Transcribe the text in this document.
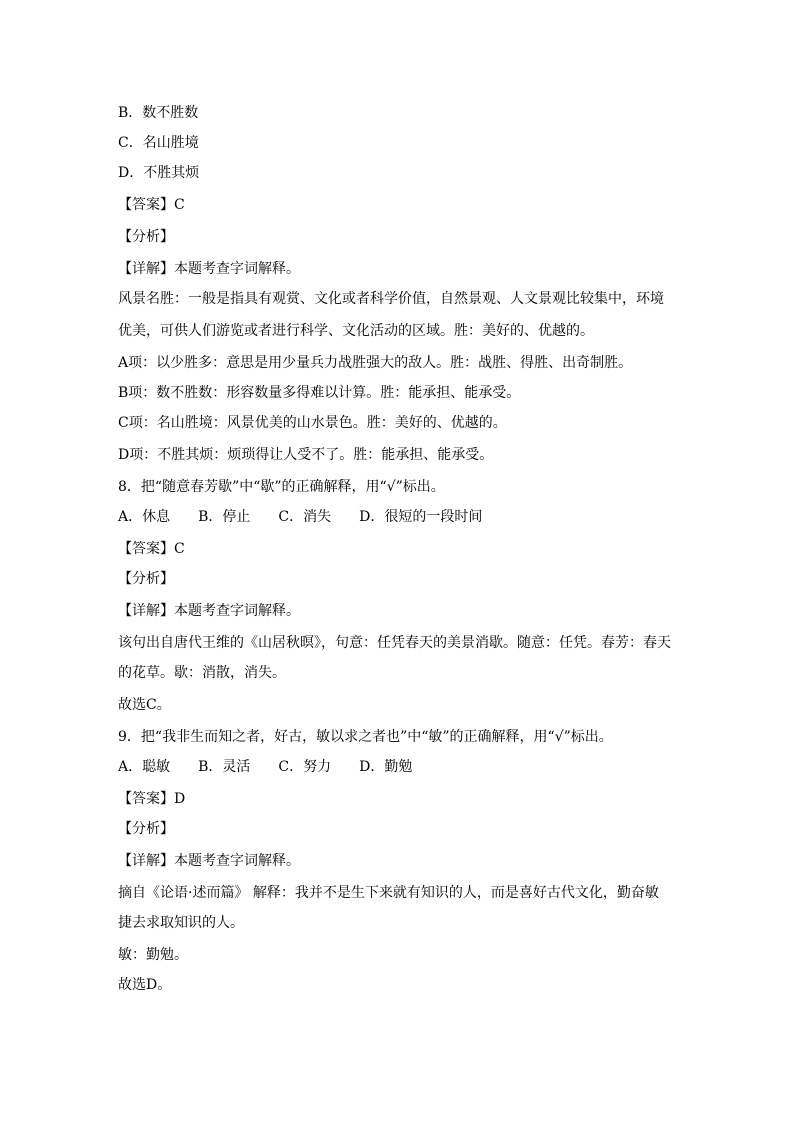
B．数不胜数
C．名山胜境
D．不胜其烦
【答案】C
【分析】
【详解】本题考查字词解释。
风景名胜：一般是指具有观赏、文化或者科学价值，自然景观、人文景观比较集中，环境
优美，可供人们游览或者进行科学、文化活动的区域。胜：美好的、优越的。
A项：以少胜多：意思是用少量兵力战胜强大的敌人。胜：战胜、得胜、出奇制胜。
B项：数不胜数：形容数量多得难以计算。胜：能承担、能承受。
C项：名山胜境：风景优美的山水景色。胜：美好的、优越的。
D项：不胜其烦：烦琐得让人受不了。胜：能承担、能承受。
8．把“随意春芳歇”中“歇”的正确解释，用“√”标出。
A．休息　　B．停止　　C．消失　　D．很短的一段时间
【答案】C
【分析】
【详解】本题考查字词解释。
该句出自唐代王维的《山居秋暝》，句意：任凭春天的美景消歇。随意：任凭。春芳：春天
的花草。歇：消散，消失。
故选C。
9．把“我非生而知之者，好古，敏以求之者也”中“敏”的正确解释，用“√”标出。
A．聪敏　　B．灵活　　C．努力　　D．勤勉
【答案】D
【分析】
【详解】本题考查字词解释。
摘自《论语·述而篇》 解释：我并不是生下来就有知识的人，而是喜好古代文化，勤奋敏
捷去求取知识的人。
敏：勤勉。
故选D。
